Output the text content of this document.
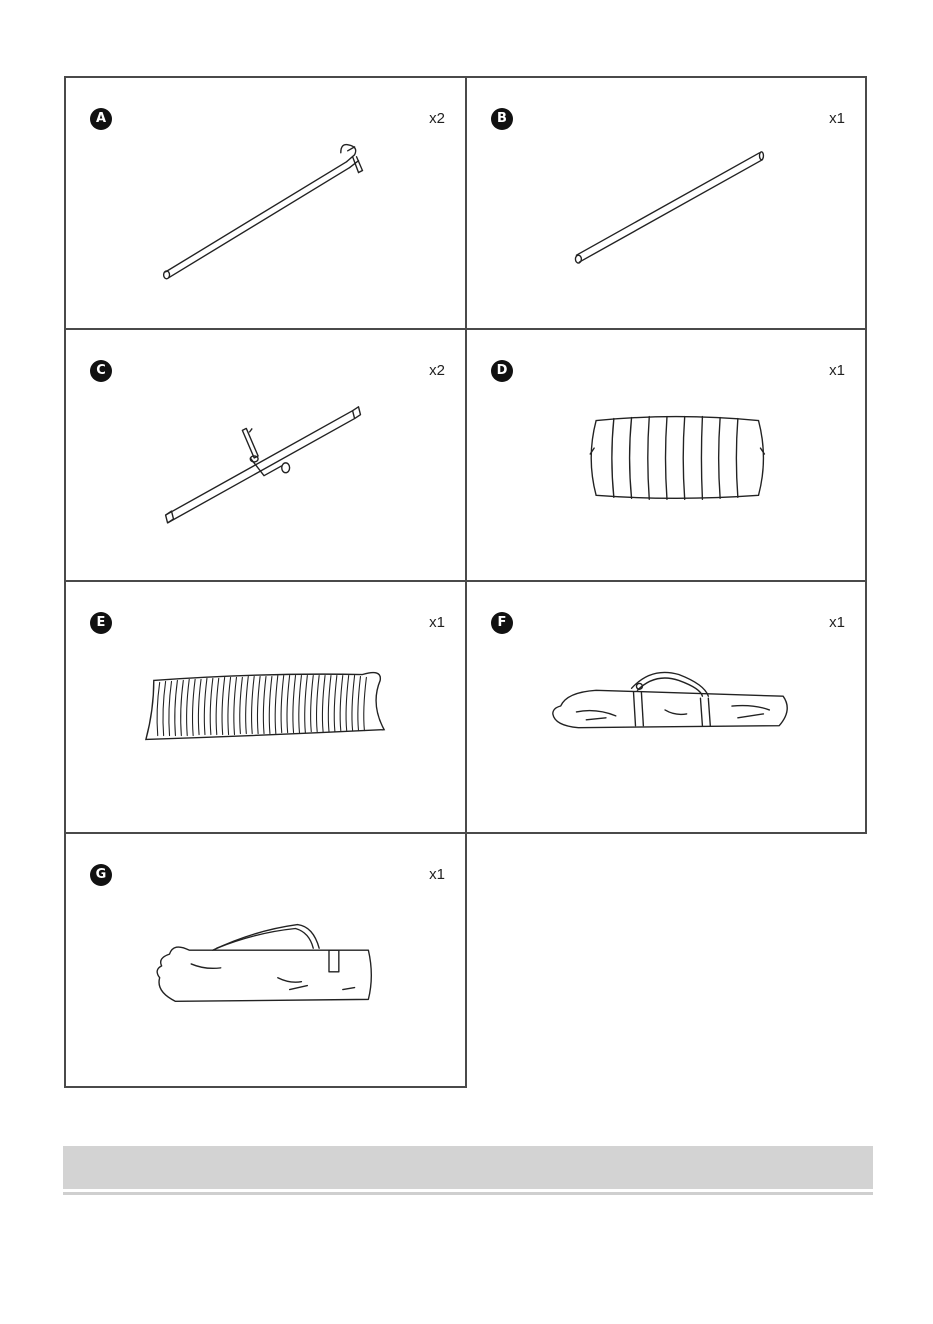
A	x2	B	x1
C	x2	D	x1
E	x1	F	x1
G	x1
